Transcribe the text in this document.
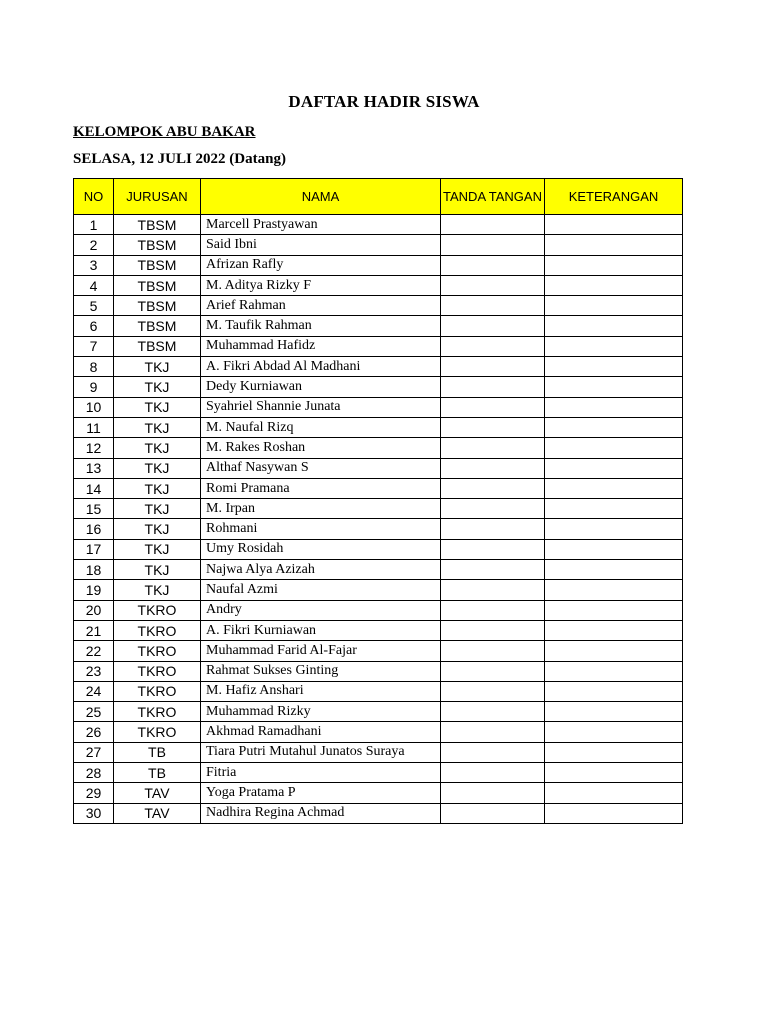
DAFTAR HADIR SISWA
KELOMPOK ABU BAKAR
SELASA, 12 JULI 2022 (Datang)
NO	JURUSAN	NAMA	TANDA TANGAN	KETERANGAN
1	TBSM	Marcell Prastyawan		
2	TBSM	Said Ibni		
3	TBSM	Afrizan Rafly		
4	TBSM	M. Aditya Rizky F		
5	TBSM	Arief Rahman		
6	TBSM	M. Taufik Rahman		
7	TBSM	Muhammad Hafidz		
8	TKJ	A. Fikri Abdad Al Madhani		
9	TKJ	Dedy Kurniawan		
10	TKJ	Syahriel Shannie Junata		
11	TKJ	M. Naufal Rizq		
12	TKJ	M. Rakes Roshan		
13	TKJ	Althaf Nasywan S		
14	TKJ	Romi Pramana		
15	TKJ	M. Irpan		
16	TKJ	Rohmani		
17	TKJ	Umy Rosidah		
18	TKJ	Najwa Alya Azizah		
19	TKJ	Naufal Azmi		
20	TKRO	Andry		
21	TKRO	A. Fikri Kurniawan		
22	TKRO	Muhammad Farid Al-Fajar		
23	TKRO	Rahmat Sukses Ginting		
24	TKRO	M. Hafiz Anshari		
25	TKRO	Muhammad Rizky		
26	TKRO	Akhmad Ramadhani		
27	TB	Tiara Putri Mutahul Junatos Suraya		
28	TB	Fitria		
29	TAV	Yoga Pratama P		
30	TAV	Nadhira Regina Achmad		
